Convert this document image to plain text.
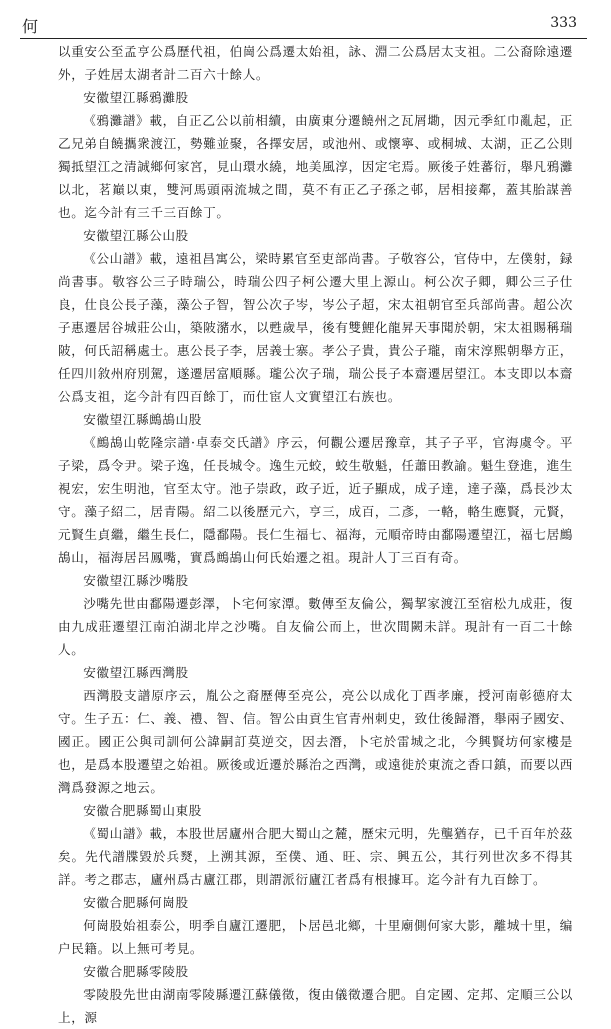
何	333

以重安公至孟亨公爲歷代祖，伯崗公爲遷太始祖，詠、淵二公爲居太支祖。二公裔除遠遷外，子姓居太湖者計二百六十餘人。

安徽望江縣鴉灘股

《鴉灘譜》載，自正乙公以前相續，由廣東分遷饒州之瓦屑墈，因元季紅巾亂起，正乙兄弟自饒攜衆渡江，勢難並聚，各擇安居，或池州、或懷寧、或桐城、太湖，正乙公則獨抵望江之清誠鄉何家宮，見山環水繞，地美風淳，因定宅焉。厥後子姓蕃衍，舉凡鴉灘以北，茗巔以東，雙河馬頭兩流城之間，莫不有正乙子孫之邨，居相接鄰，蓋其胎謀善也。迄今計有三千三百餘丁。

安徽望江縣公山股

《公山譜》載，遠祖昌寓公，梁時累官至吏部尚書。子敬容公，官侍中，左僕射，録尚書事。敬容公三子時瑞公，時瑞公四子柯公遷大里上源山。柯公次子卿，卿公三子仕良，仕良公長子藻，藻公子智，智公次子岑，岑公子超，宋太祖朝官至兵部尚書。超公次子惠遷居谷城莊公山，築陂瀦水，以甦歲旱，後有雙鯉化龍昇天事聞於朝，宋太祖賜稱瑞陂，何氏詔稱處士。惠公長子李，居義士寨。孝公子貴，貴公子瓏，南宋淳熙朝舉方正，任四川敘州府別駕，遂遷居富順縣。瓏公次子瑞，瑞公長子本齋遷居望江。本支即以本齋公爲支祖，迄今計有四百餘丁，而仕宦人文實望江右族也。

安徽望江縣鷓鴣山股

《鷓鴣山乾隆宗譜·卓泰交氏譜》序云，何觀公遷居豫章，其子子平，官海虞令。平子梁，爲令尹。梁子逸，任長城令。逸生元蛟，蛟生敬魁，任蕭田教諭。魁生登進，進生視宏，宏生明池，官至太守。池子崇政，政子近，近子顯成，成子達，達子藻，爲長沙太守。藻子紹二，居青陽。紹二以後歷元六，亨三，成百，二彥，一輅，輅生應賢，元賢，元賢生貞繼，繼生長仁，隱鄱陽。長仁生福七、福海，元順帝時由鄱陽遷望江，福七居鷓鴣山，福海居呂鳳嘴，實爲鷓鴣山何氏始遷之祖。現計人丁三百有奇。

安徽望江縣沙嘴股

沙嘴先世由鄱陽遷彭澤，卜宅何家潭。數傳至友倫公，獨挈家渡江至宿松九成莊，復由九成莊遷望江南泊湖北岸之沙嘴。自友倫公而上，世次間闕未詳。現計有一百二十餘人。

安徽望江縣西灣股

西灣股支譜原序云，胤公之裔歷傳至亮公，亮公以成化丁酉孝廉，授河南彰德府太守。生子五：仁、義、禮、智、信。智公由貢生官青州刺史，致仕後歸潛，舉兩子國安、國正。國正公與司訓何公諱嗣訂莫逆交，因去潛，卜宅於雷城之北，今興賢坊何家樓是也，是爲本股遷望之始祖。厥後或近遷於縣治之西灣，或遠徙於東流之香口鎮，而要以西灣爲發源之地云。

安徽合肥縣蜀山東股

《蜀山譜》載，本股世居廬州合肥大蜀山之麓，歷宋元明，先壟猶存，已千百年於茲矣。先代譜牒毀於兵燹，上溯其源，至僕、通、旺、宗、興五公，其行列世次多不得其詳。考之郡志，廬州爲古廬江郡，則謂派衍廬江者爲有根據耳。迄今計有九百餘丁。

安徽合肥縣何崗股

何崗股始祖泰公，明季自廬江遷肥，卜居邑北鄉，十里廟側何家大影，離城十里，编户民籍。以上無可考見。

安徽合肥縣零陵股

零陵股先世由湖南零陵縣遷江蘇儀徵，復由儀徵遷合肥。自定國、定邦、定順三公以上，源
